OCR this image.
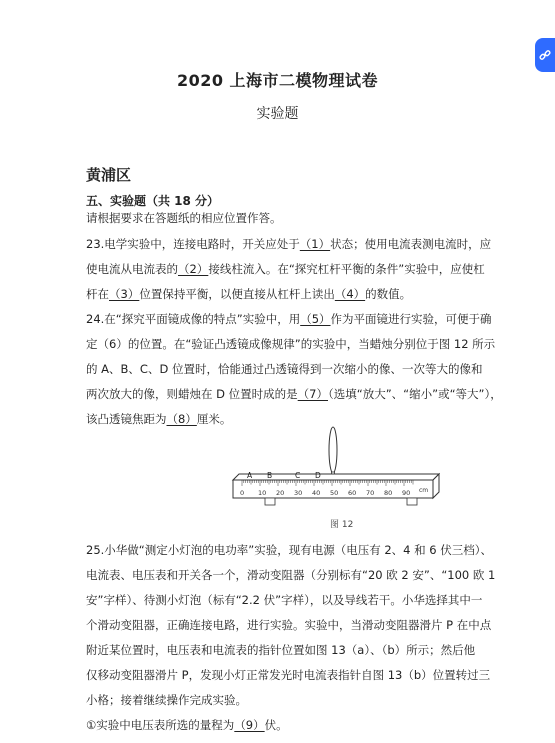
2020 上海市二模物理试卷
实验题
黄浦区
五、实验题（共 18 分）
请根据要求在答题纸的相应位置作答。
23.电学实验中，连接电路时，开关应处于（1）状态；使用电流表测电流时，应
使电流从电流表的（2）接线柱流入。在“探究杠杆平衡的条件”实验中，应使杠
杆在（3）位置保持平衡，以便直接从杠杆上读出（4）的数值。
24.在“探究平面镜成像的特点”实验中，用（5）作为平面镜进行实验，可便于确
定（6）的位置。在“验证凸透镜成像规律”的实验中，当蜡烛分别位于图 12 所示
的 A、B、C、D 位置时，恰能通过凸透镜得到一次缩小的像、一次等大的像和
两次放大的像，则蜡烛在 D 位置时成的是（7）（选填“放大”、“缩小”或“等大”），
该凸透镜焦距为（8）厘米。
0 10 20 30 40 50 60 70 80 90 cm
A B	C D
图 12
25.小华做“测定小灯泡的电功率”实验，现有电源（电压有 2、4 和 6 伏三档）、
电流表、电压表和开关各一个，滑动变阻器（分别标有“20 欧 2 安”、“100 欧 1
安”字样）、待测小灯泡（标有“2.2 伏”字样），以及导线若干。小华选择其中一
个滑动变阻器，正确连接电路，进行实验。实验中，当滑动变阻器滑片 P 在中点
附近某位置时，电压表和电流表的指针位置如图 13（a）、（b）所示；然后他
仅移动变阻器滑片 P，发现小灯正常发光时电流表指针自图 13（b）位置转过三
小格；接着继续操作完成实验。
①实验中电压表所选的量程为（9）伏。
